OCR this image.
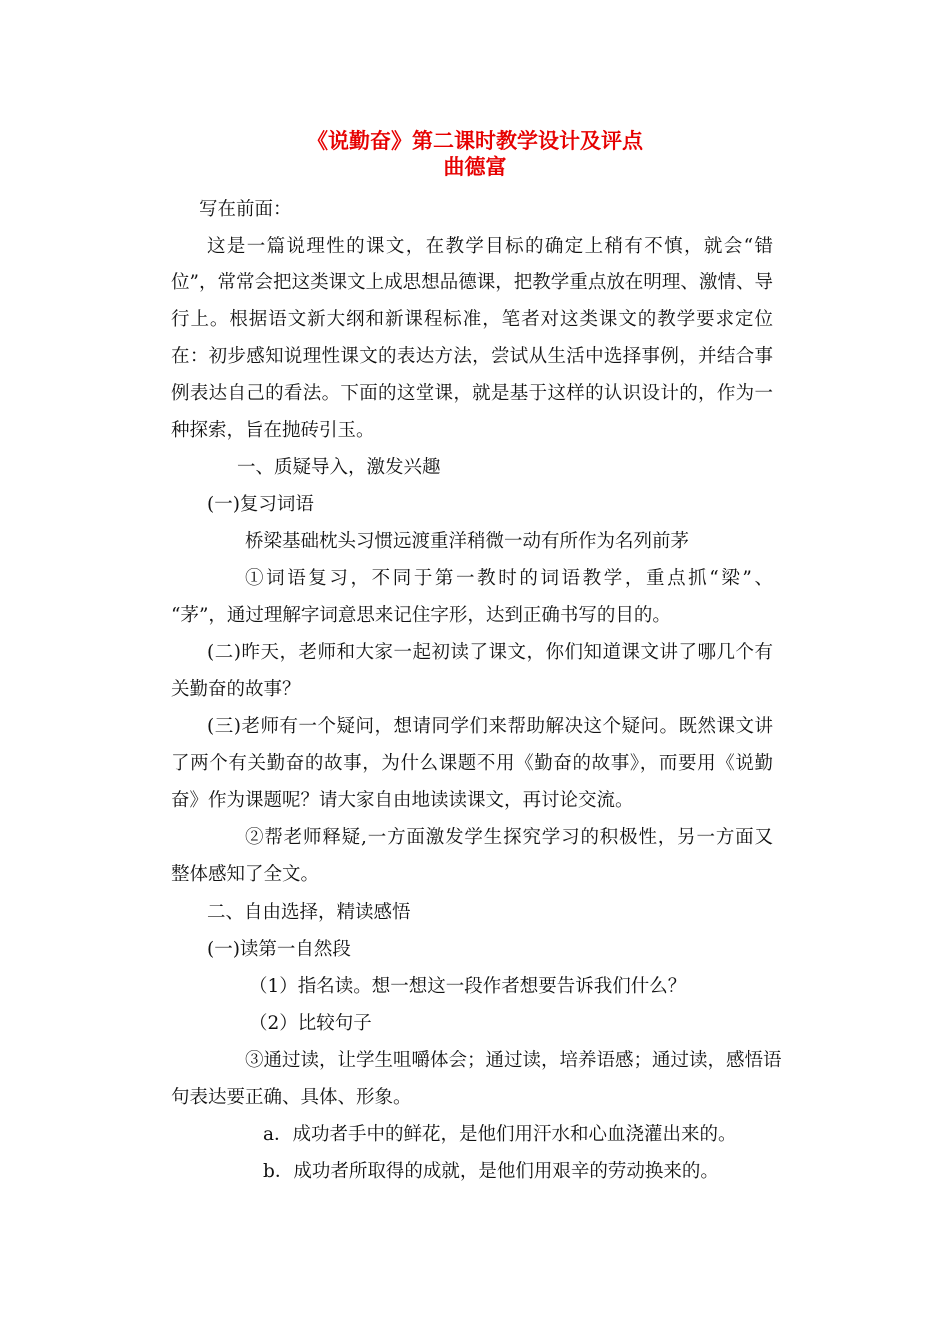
《说勤奋》第二课时教学设计及评点
曲德富
写在前面：
这是一篇说理性的课文，在教学目标的确定上稍有不慎，就会“错
位”，常常会把这类课文上成思想品德课，把教学重点放在明理、激情、导
行上。根据语文新大纲和新课程标准，笔者对这类课文的教学要求定位
在：初步感知说理性课文的表达方法，尝试从生活中选择事例，并结合事
例表达自己的看法。下面的这堂课，就是基于这样的认识设计的，作为一
种探索，旨在抛砖引玉。
一、质疑导入，激发兴趣
(一)复习词语
桥梁基础枕头习惯远渡重洋稍微一动有所作为名列前茅
①词语复习，不同于第一教时的词语教学，重点抓“梁”、
“茅”，通过理解字词意思来记住字形，达到正确书写的目的。
(二)昨天，老师和大家一起初读了课文，你们知道课文讲了哪几个有
关勤奋的故事？
(三)老师有一个疑问，想请同学们来帮助解决这个疑问。既然课文讲
了两个有关勤奋的故事，为什么课题不用《勤奋的故事》，而要用《说勤
奋》作为课题呢？请大家自由地读读课文，再讨论交流。
②帮老师释疑,一方面激发学生探究学习的积极性，另一方面又
整体感知了全文。
二、自由选择，精读感悟
(一)读第一自然段
（1）指名读。想一想这一段作者想要告诉我们什么？
（2）比较句子
③通过读，让学生咀嚼体会；通过读，培养语感；通过读，感悟语
句表达要正确、具体、形象。
a．成功者手中的鲜花，是他们用汗水和心血浇灌出来的。
b．成功者所取得的成就，是他们用艰辛的劳动换来的。
